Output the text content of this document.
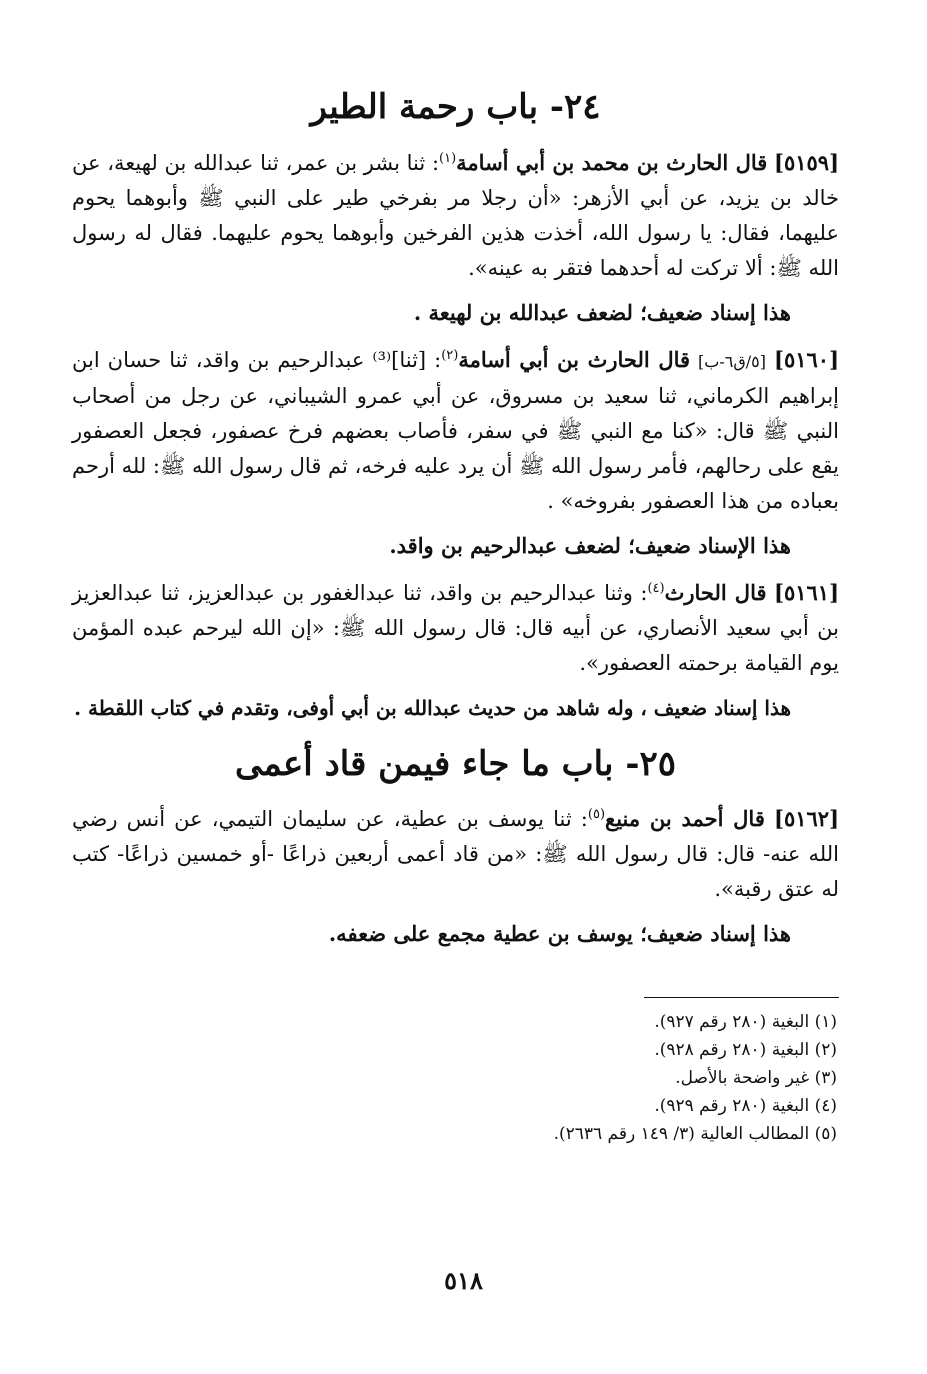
٢٤- باب رحمة الطير

[٥١٥٩] قال الحارث بن محمد بن أبي أسامة$^{(١)}$: ثنا بشر بن عمر، ثنا عبدالله بن لهيعة، عن خالد بن يزيد، عن أبي الأزهر: «أن رجلا مر بفرخي طير على النبي ﷺ وأبوهما يحوم عليهما، فقال: يا رسول الله، أخذت هذين الفرخين وأبوهما يحوم عليهما. فقال له رسول الله ﷺ: ألا تركت له أحدهما فتقر به عينه».

هذا إسناد ضعيف؛ لضعف عبدالله بن لهيعة .

[٥١٦٠] [٥/ق٦-ب] قال الحارث بن أبي أسامة$^{(٢)}$: [ثنا]⁽³⁾ عبدالرحيم بن واقد، ثنا حسان ابن إبراهيم الكرماني، ثنا سعيد بن مسروق، عن أبي عمرو الشيباني، عن رجل من أصحاب النبي ﷺ قال: «كنا مع النبي ﷺ في سفر، فأصاب بعضهم فرخ عصفور، فجعل العصفور يقع على رحالهم، فأمر رسول الله ﷺ أن يرد عليه فرخه، ثم قال رسول الله ﷺ: لله أرحم بعباده من هذا العصفور بفروخه» .

هذا الإسناد ضعيف؛ لضعف عبدالرحيم بن واقد.

[٥١٦١] قال الحارث$^{(٤)}$: وثنا عبدالرحيم بن واقد، ثنا عبدالغفور بن عبدالعزيز، ثنا عبدالعزيز بن أبي سعيد الأنصاري، عن أبيه قال: قال رسول الله ﷺ: «إن الله ليرحم عبده المؤمن يوم القيامة برحمته العصفور».

هذا إسناد ضعيف ، وله شاهد من حديث عبدالله بن أبي أوفى، وتقدم في كتاب اللقطة .
٢٥- باب ما جاء فيمن قاد أعمى

[٥١٦٢] قال أحمد بن منيع$^{(٥)}$: ثنا يوسف بن عطية، عن سليمان التيمي، عن أنس رضي الله عنه- قال: قال رسول الله ﷺ: «من قاد أعمى أربعين ذراعًا -أو خمسين ذراعًا- كتب له عتق رقبة».

هذا إسناد ضعيف؛ يوسف بن عطية مجمع على ضعفه.
(١) البغية (٢٨٠ رقم ٩٢٧).
(٢) البغية (٢٨٠ رقم ٩٢٨).
(٣) غير واضحة بالأصل.
(٤) البغية (٢٨٠ رقم ٩٢٩).
(٥) المطالب العالية (٣/ ١٤٩ رقم ٢٦٣٦).
٥١٨
